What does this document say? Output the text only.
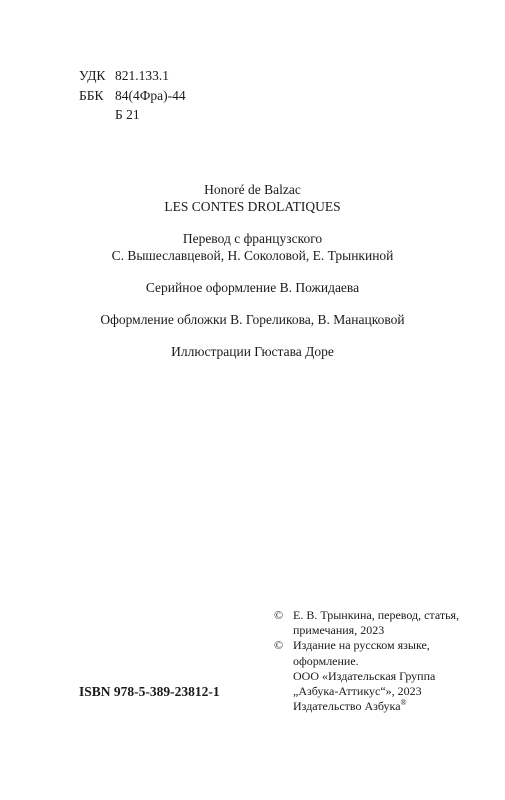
УДК 821.133.1
ББК 84(4Фра)-44
Б 21
Honoré de Balzac
LES CONTES DROLATIQUES
Перевод с французского
С. Вышеславцевой, Н. Соколовой, Е. Трынкиной
Серийное оформление В. Пожидаева
Оформление обложки В. Гореликова, В. Манацковой
Иллюстрации Гюстава Доре
ISBN 978-5-389-23812-1
© Е. В. Трынкина, перевод, статья,
примечания, 2023
© Издание на русском языке,
оформление.
ООО «Издательская Группа
„Азбука-Аттикус“», 2023
Издательство Азбука®
